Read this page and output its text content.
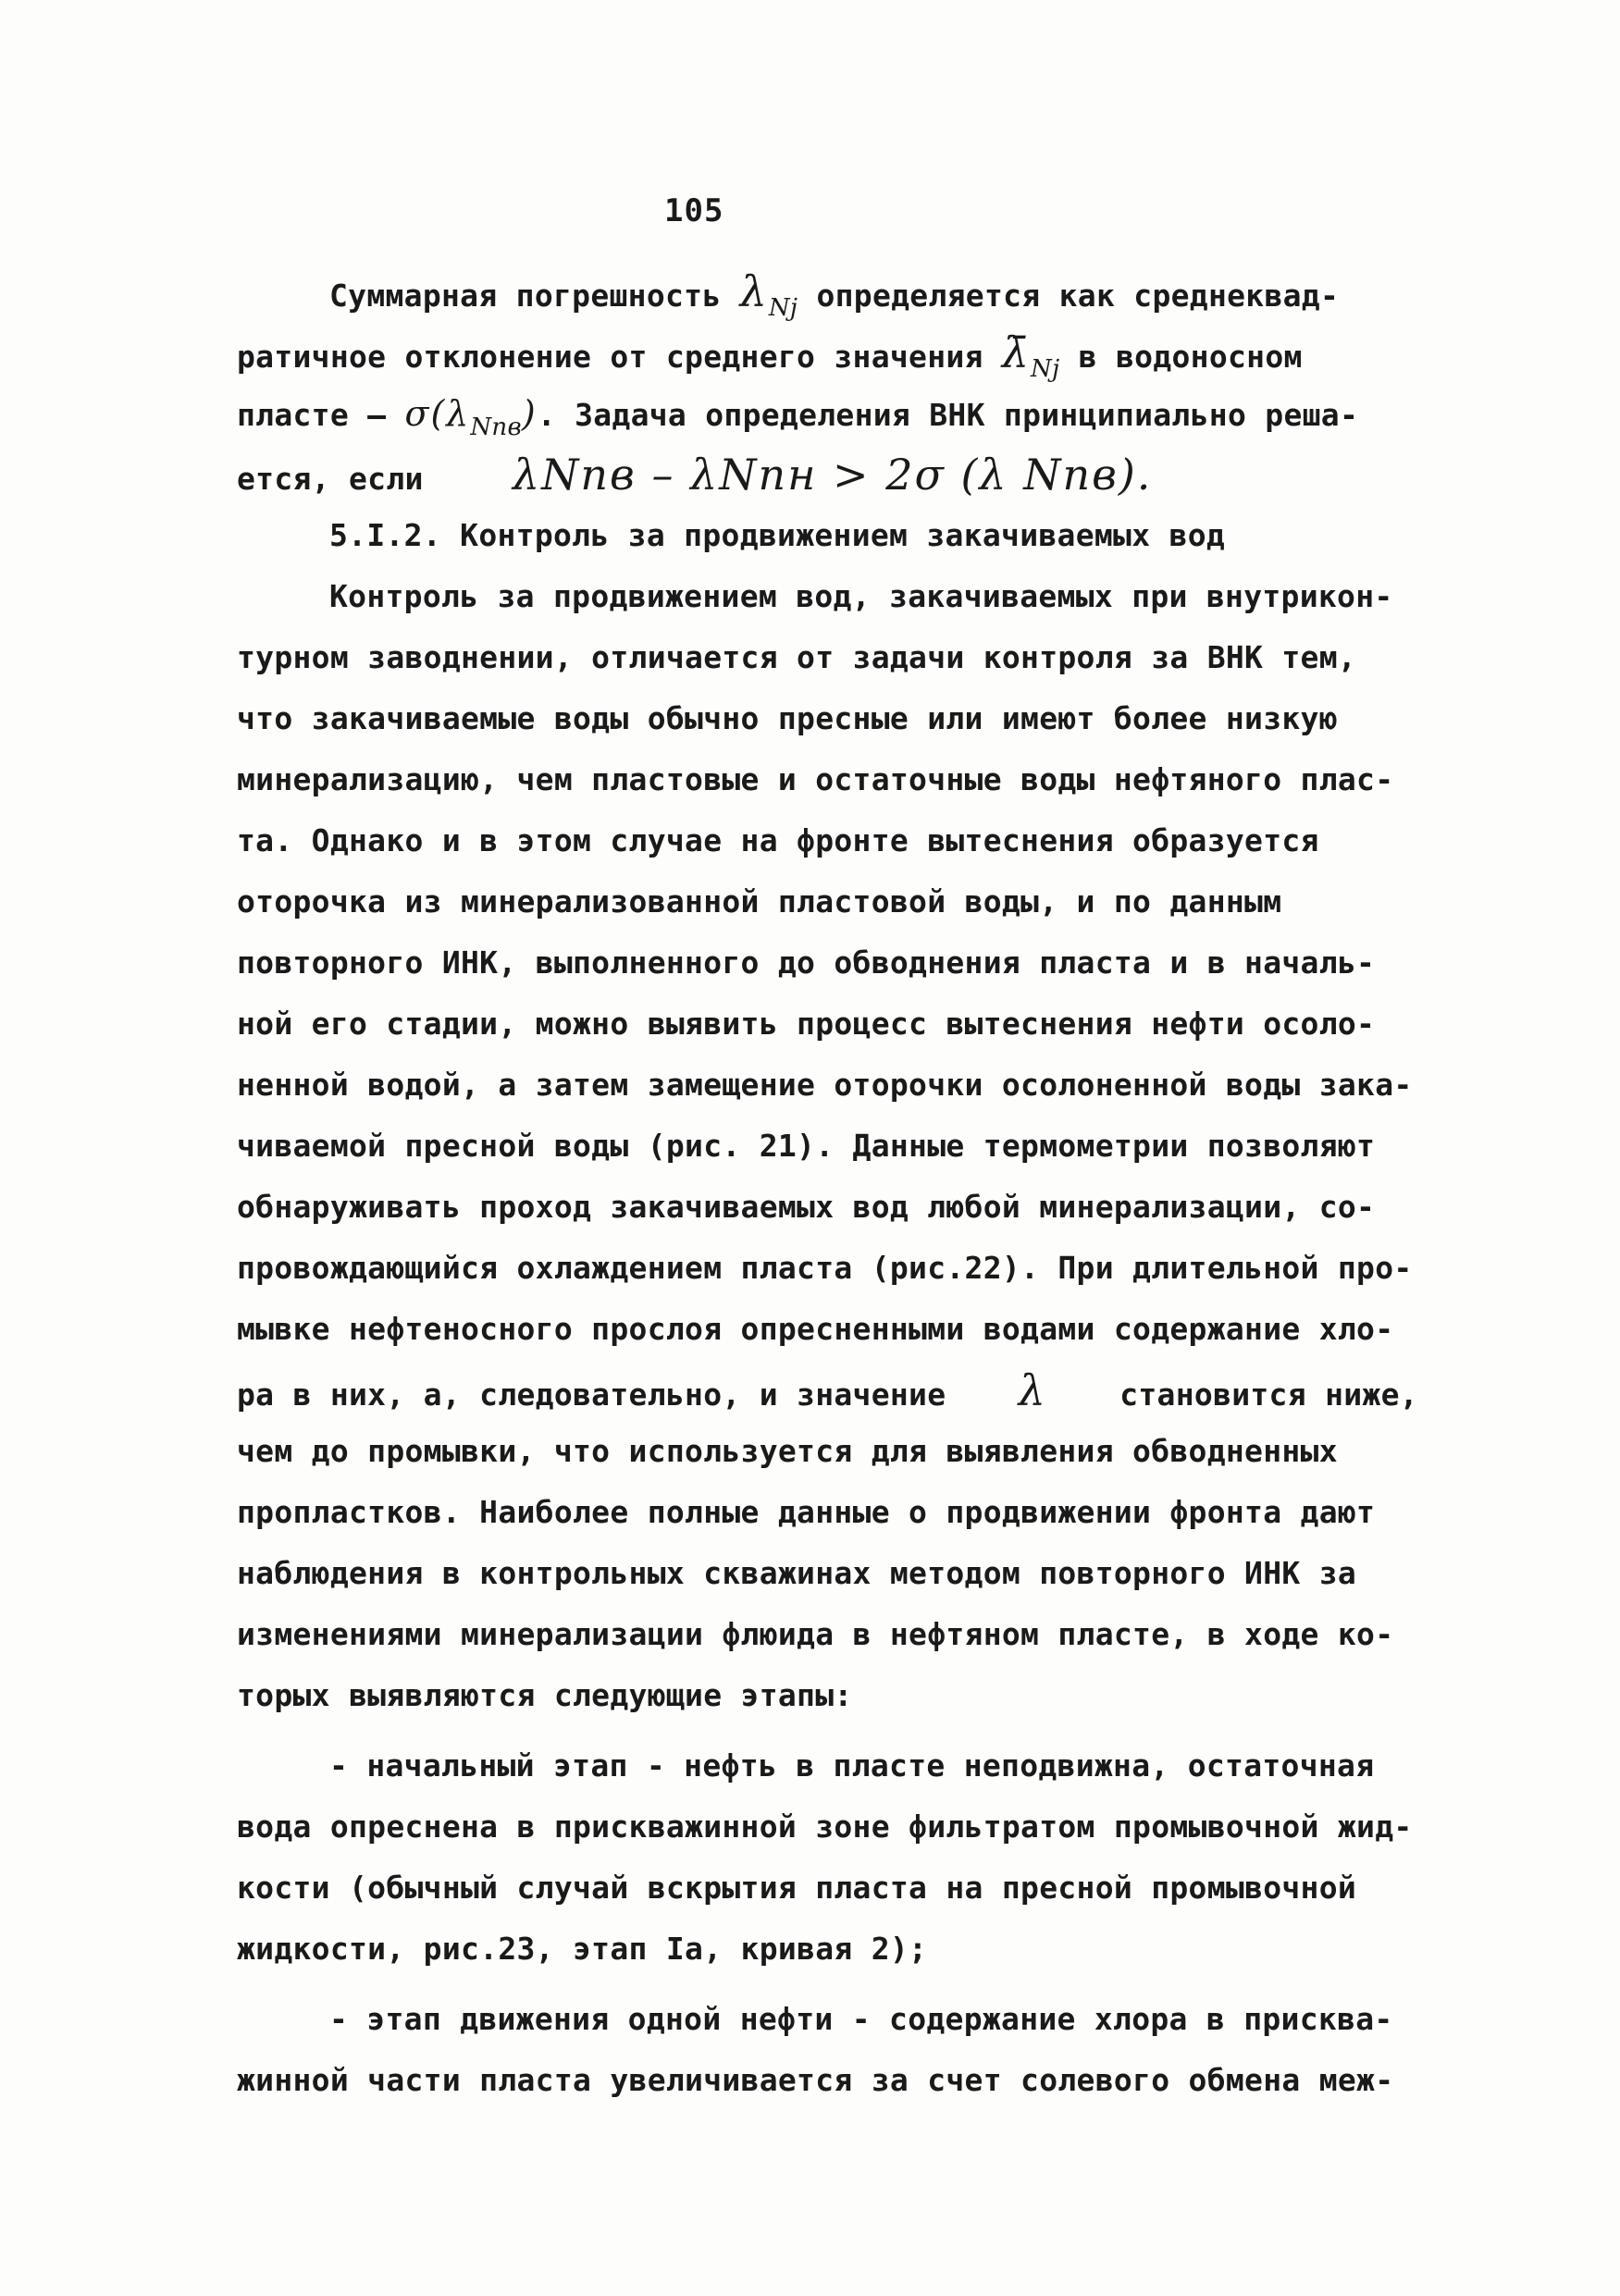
105
Суммарная погрешность $\lambda_{Nj}$ определяется как среднеквад-
ратичное отклонение от среднего значения $\lambdā_{Nj}$ в водоносном
пласте – $\sigma(\lambda_{Nпв})$. Задача определения ВНК принципиально реша-
ется, если λNпв – λNпн > 2σ (λ Nпв).
5.I.2. Контроль за продвижением закачиваемых вод
Контроль за продвижением вод, закачиваемых при внутрикон-
турном заводнении, отличается от задачи контроля за ВНК тем,
что закачиваемые воды обычно пресные или имеют более низкую
минерализацию, чем пластовые и остаточные воды нефтяного плас-
та. Однако и в этом случае на фронте вытеснения образуется
оторочка из минерализованной пластовой воды, и по данным
повторного ИНК, выполненного до обводнения пласта и в началь-
ной его стадии, можно выявить процесс вытеснения нефти осоло-
ненной водой, а затем замещение оторочки осолоненной воды зака-
чиваемой пресной воды (рис. 21). Данные термометрии позволяют
обнаруживать проход закачиваемых вод любой минерализации, со-
провождающийся охлаждением пласта (рис.22). При длительной про-
мывке нефтеносного прослоя опресненными водами содержание хло-
ра в них, а, следовательно, и значение λ становится ниже,
чем до промывки, что используется для выявления обводненных
пропластков. Наиболее полные данные о продвижении фронта дают
наблюдения в контрольных скважинах методом повторного ИНК за
изменениями минерализации флюида в нефтяном пласте, в ходе ко-
торых выявляются следующие этапы:
- начальный этап - нефть в пласте неподвижна, остаточная
вода опреснена в прискважинной зоне фильтратом промывочной жид-
кости (обычный случай вскрытия пласта на пресной промывочной
жидкости, рис.23, этап Iа, кривая 2);
- этап движения одной нефти - содержание хлора в присква-
жинной части пласта увеличивается за счет солевого обмена меж-
